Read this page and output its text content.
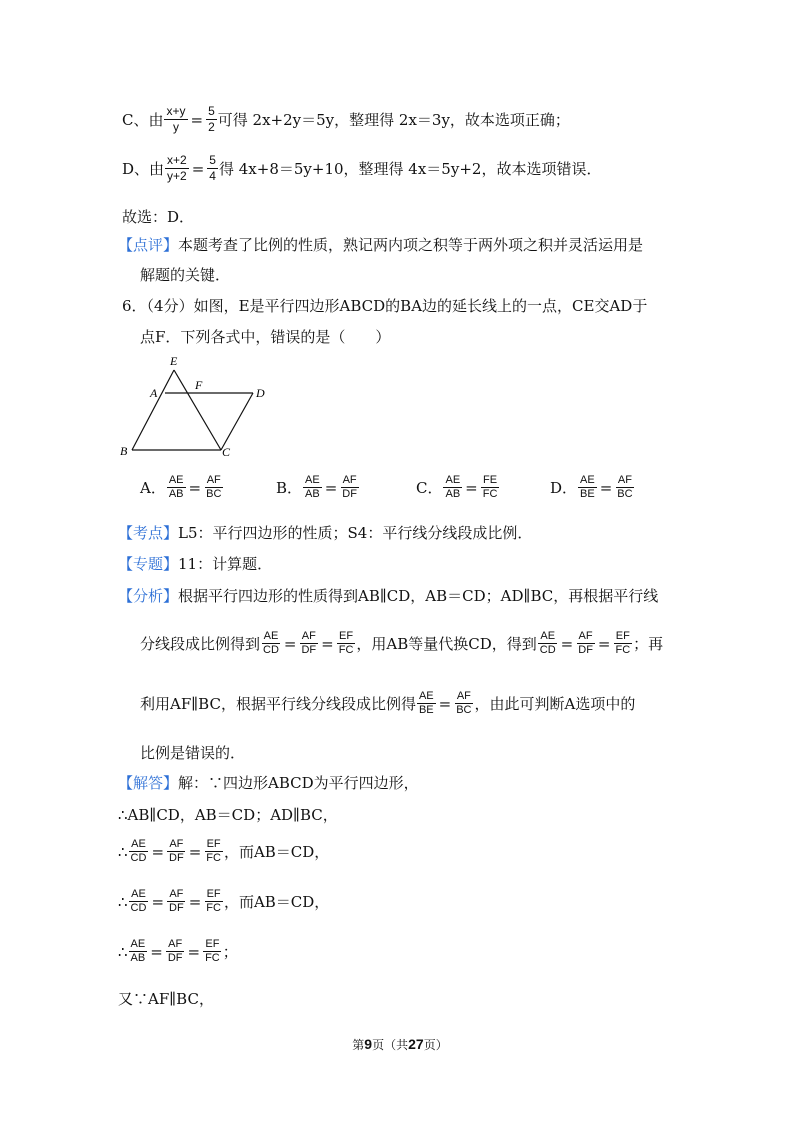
C、由 $\frac{x+y}{y} = \frac{5}{2}$ 可得 2x+2y＝5y，整理得 2x＝3y，故本选项正确；
D、由 $\frac{x+2}{y+2} = \frac{5}{4}$ 得 4x+8＝5y+10，整理得 4x＝5y+2，故本选项错误．
故选：D．
【点评】 本题考查了比例的性质，熟记两内项之积等于两外项之积并灵活运用是
解题的关键．
6．（4分）如图，E是平行四边形ABCD的BA边的延长线上的一点，CE交AD于
点F．下列各式中，错误的是（　　）
E
A
F
D
B	C
A． $\frac{AE}{AB} = \frac{AF}{BC}$	B． $\frac{AE}{AB} = \frac{AF}{DF}$	C． $\frac{AE}{AB} = \frac{FE}{FC}$	D． $\frac{AE}{BE} = \frac{AF}{BC}$
【考点】 L5：平行四边形的性质；S4：平行线分线段成比例．
【专题】 11：计算题．
【分析】 根据平行四边形的性质得到AB∥CD，AB＝CD；AD∥BC，再根据平行线
分线段成比例得到 $\frac{AE}{CD} = \frac{AF}{DF} = \frac{EF}{FC}$ ，用AB等量代换CD，得到 $\frac{AE}{CD} = \frac{AF}{DF} = \frac{EF}{FC}$ ；再
利用AF∥BC，根据平行线分线段成比例得 $\frac{AE}{BE} = \frac{AF}{BC}$ ，由此可判断A选项中的
比例是错误的．
【解答】 解：∵四边形ABCD为平行四边形，
∴AB∥CD，AB＝CD；AD∥BC，
∴ $\frac{AE}{CD} = \frac{AF}{DF} = \frac{EF}{FC}$ ，而AB＝CD，
∴ $\frac{AE}{CD} = \frac{AF}{DF} = \frac{EF}{FC}$ ，而AB＝CD，
∴ $\frac{AE}{AB} = \frac{AF}{DF} = \frac{EF}{FC}$ ；
又∵AF∥BC，
第9页（共27页）
